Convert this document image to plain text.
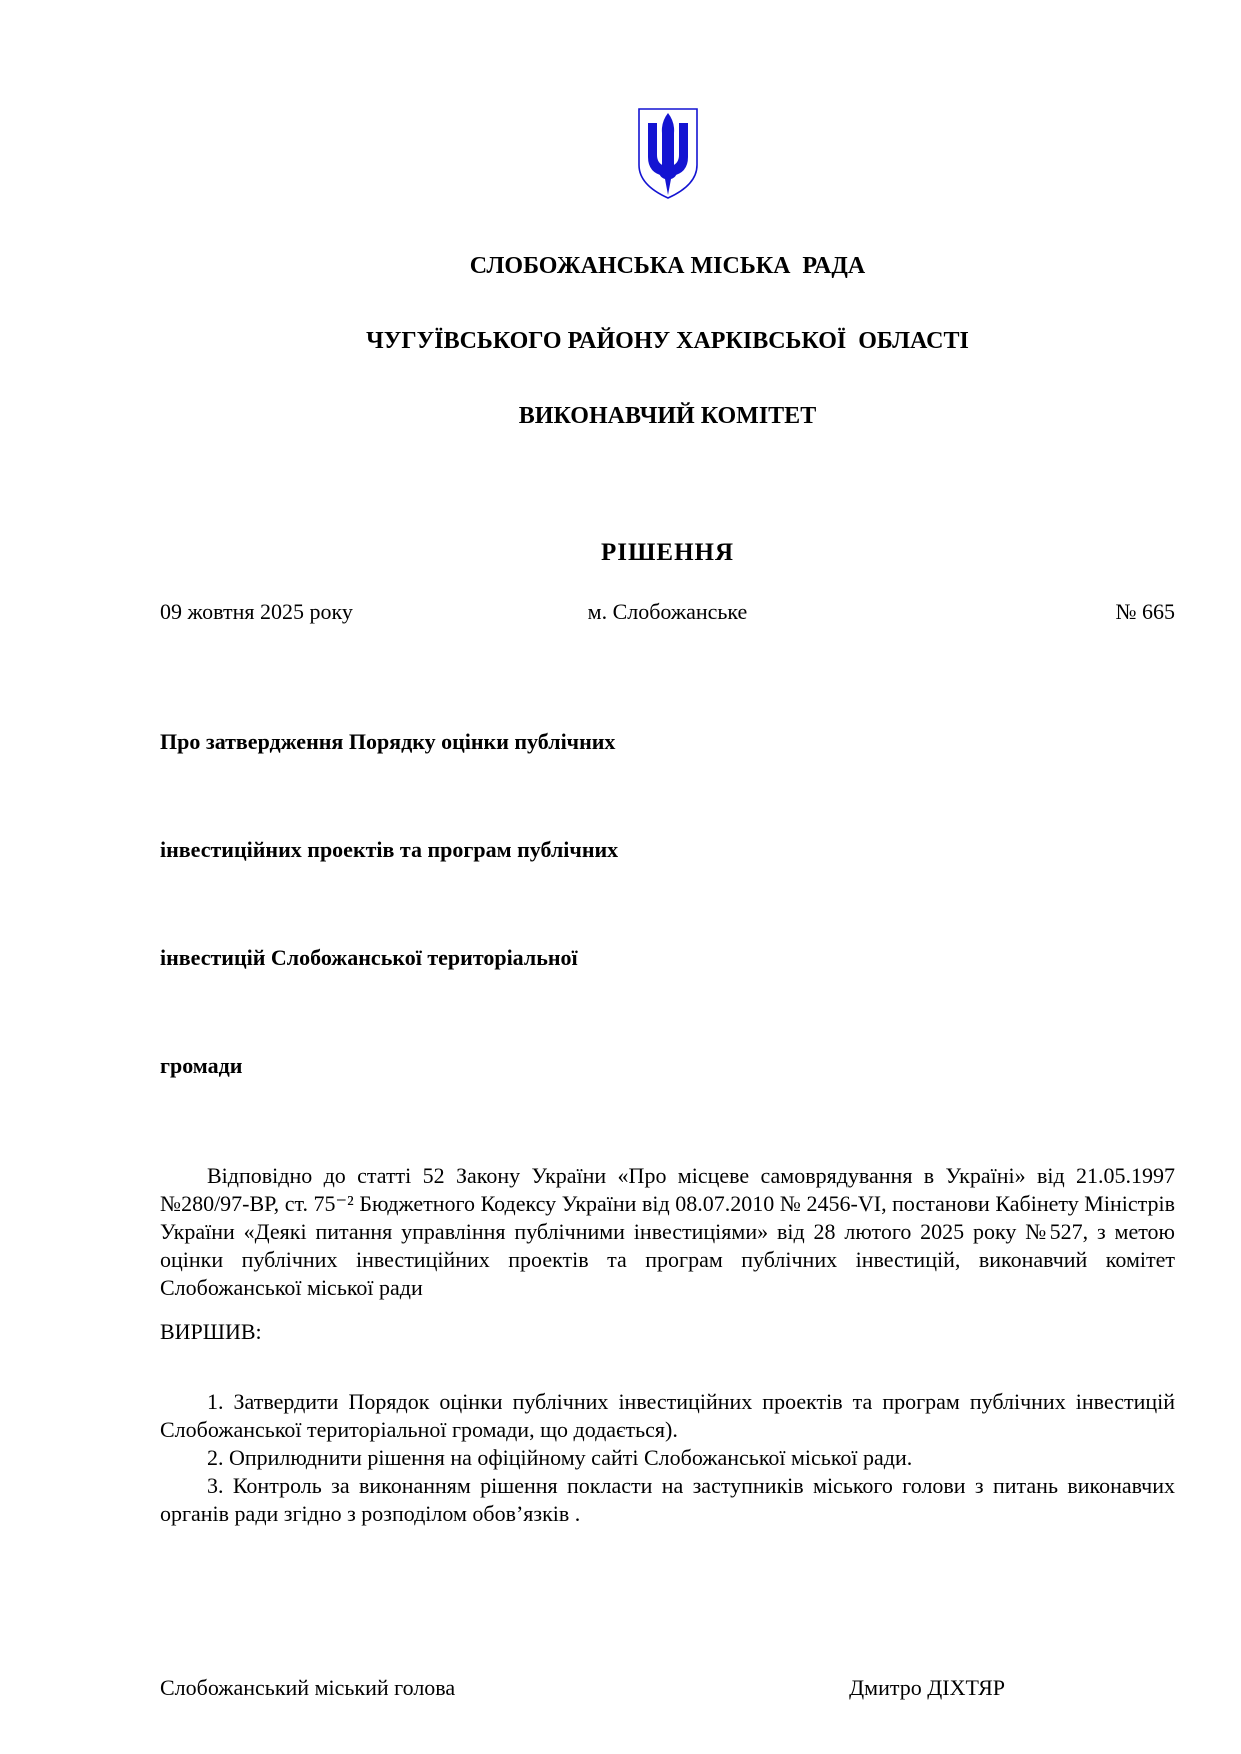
СЛОБОЖАНСЬКА МІСЬКА  РАДА

ЧУГУЇВСЬКОГО РАЙОНУ ХАРКІВСЬКОЇ  ОБЛАСТІ

ВИКОНАВЧИЙ КОМІТЕТ

РІШЕННЯ
09 жовтня 2025 року	м. Слобожанське	№ 665

Про затвердження Порядку оцінки публічних

інвестиційних проектів та програм публічних

інвестицій Слобожанської територіальної

громади

Відповідно до статті 52 Закону України «Про місцеве самоврядування в Україні» від 21.05.1997 №280/97-ВР, ст. 75⁻² Бюджетного Кодексу України від 08.07.2010 № 2456-VI, постанови Кабінету Міністрів України «Деякі питання управління публічними інвестиціями» від 28 лютого 2025 року №527, з метою оцінки публічних інвестиційних проектів та програм публічних інвестицій, виконавчий комітет Слобожанської міської ради

ВИРШИВ:

1. Затвердити Порядок оцінки публічних інвестиційних проектів та програм публічних інвестицій Слобожанської територіальної громади, що додається).

2. Оприлюднити рішення на офіційному сайті Слобожанської міської ради.

3. Контроль за виконанням рішення покласти на заступників міського голови з питань виконавчих органів ради згідно з розподілом обов’язків .

Слобожанський міський голова	Дмитро ДІХТЯР
